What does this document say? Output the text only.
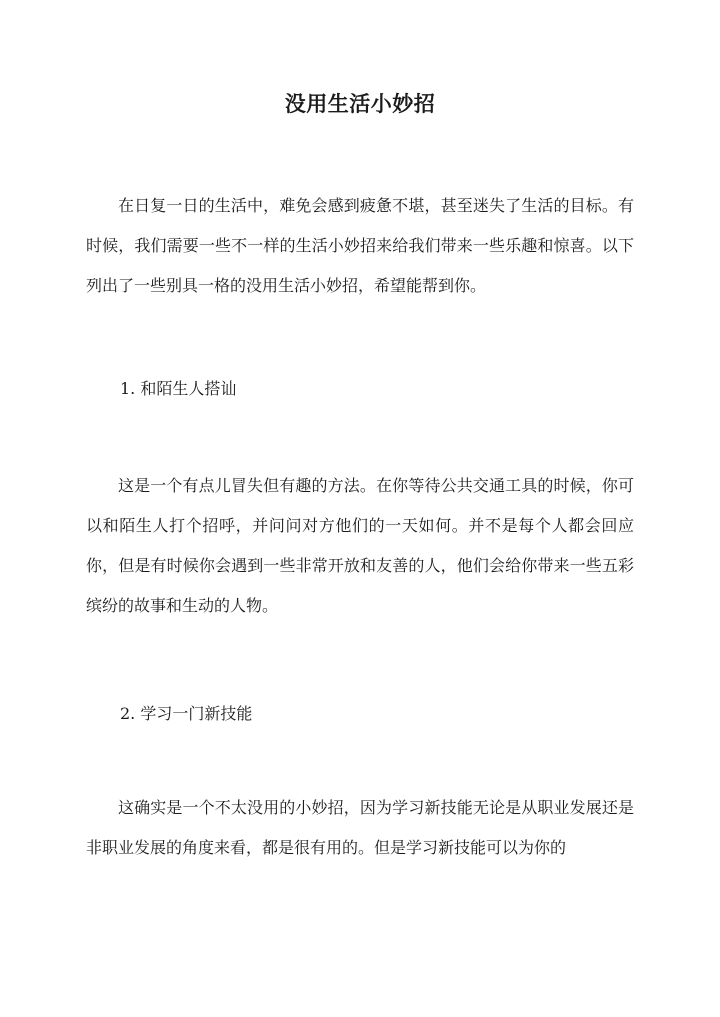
没用生活小妙招
在日复一日的生活中，难免会感到疲惫不堪，甚至迷失了生活的目标。有时候，我们需要一些不一样的生活小妙招来给我们带来一些乐趣和惊喜。以下列出了一些别具一格的没用生活小妙招，希望能帮到你。
1. 和陌生人搭讪
这是一个有点儿冒失但有趣的方法。在你等待公共交通工具的时候，你可以和陌生人打个招呼，并问问对方他们的一天如何。并不是每个人都会回应你，但是有时候你会遇到一些非常开放和友善的人，他们会给你带来一些五彩缤纷的故事和生动的人物。
2. 学习一门新技能
这确实是一个不太没用的小妙招，因为学习新技能无论是从职业发展还是非职业发展的角度来看，都是很有用的。但是学习新技能可以为你的
